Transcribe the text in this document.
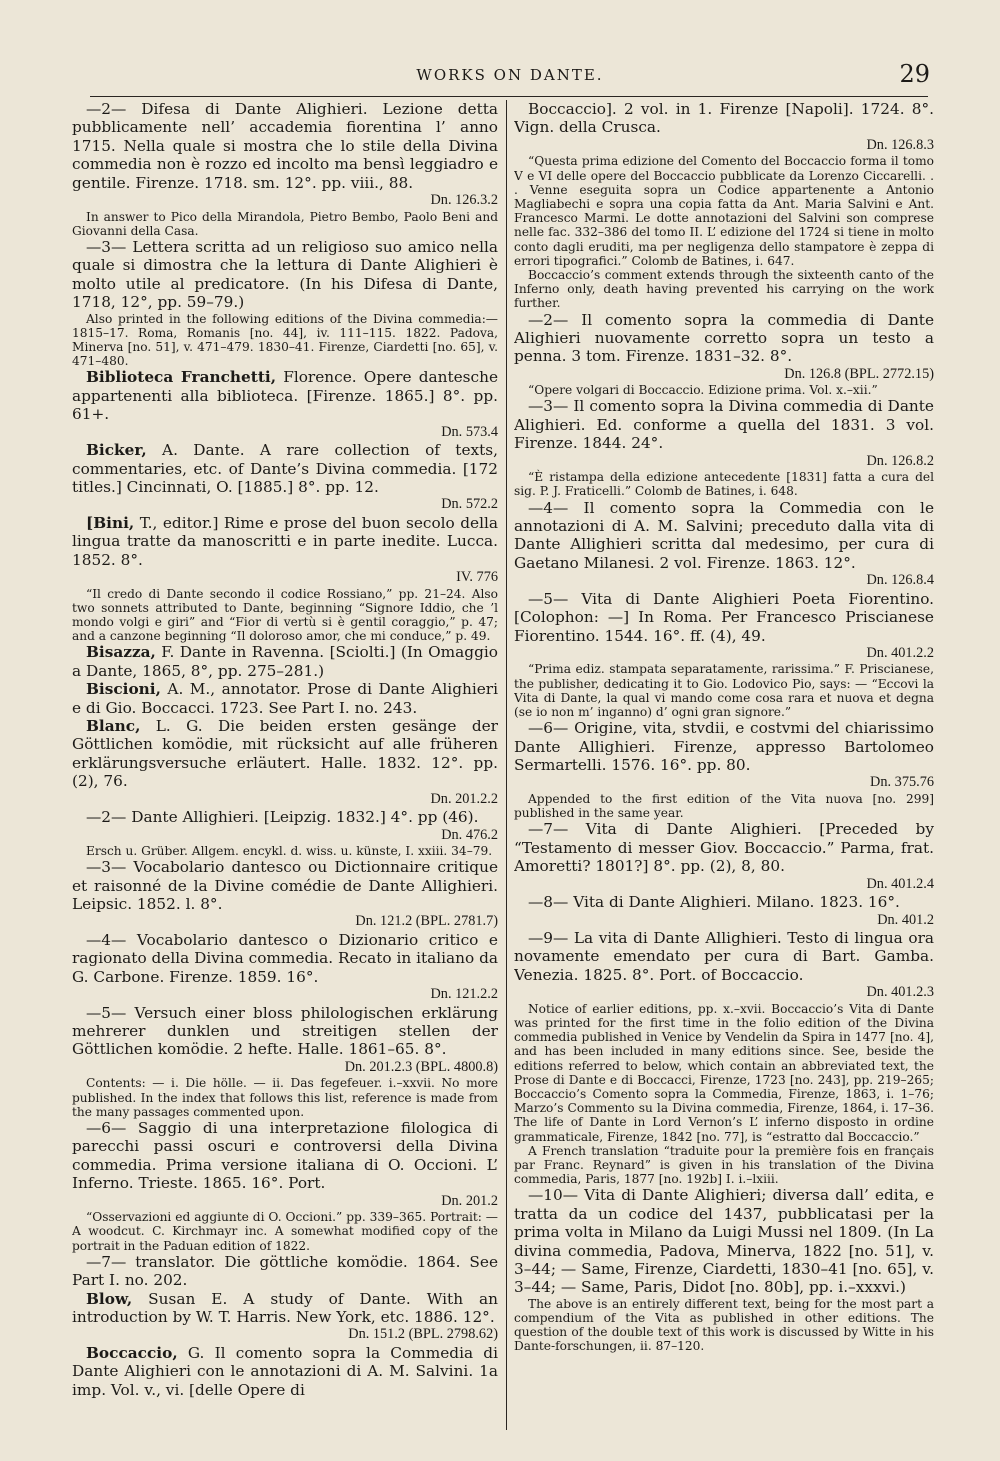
WORKS ON DANTE.	29

—2— Difesa di Dante Alighieri. Lezione detta pubblicamente nell’ accademia fiorentina l’ anno 1715. Nella quale si mostra che lo stile della Divina commedia non è rozzo ed incolto ma bensì leggiadro e gentile. Firenze. 1718. sm. 12°. pp. viii., 88.
Dn. 126.3.2

In answer to Pico della Mirandola, Pietro Bembo, Paolo Beni and Giovanni della Casa.

—3— Lettera scritta ad un religioso suo amico nella quale si dimostra che la lettura di Dante Alighieri è molto utile al predicatore. (In his Difesa di Dante, 1718, 12°, pp. 59–79.)

Also printed in the following editions of the Divina commedia:— 1815–17. Roma, Romanis [no. 44], iv. 111–115. 1822. Padova, Minerva [no. 51], v. 471–479. 1830–41. Firenze, Ciardetti [no. 65], v. 471–480.

Biblioteca Franchetti, Florence. Opere dantesche appartenenti alla biblioteca. [Firenze. 1865.] 8°. pp. 61+.
Dn. 573.4

Bicker, A. Dante. A rare collection of texts, commentaries, etc. of Dante’s Divina commedia. [172 titles.] Cincinnati, O. [1885.] 8°. pp. 12.
Dn. 572.2

[Bini, T., editor.] Rime e prose del buon secolo della lingua tratte da manoscritti e in parte inedite. Lucca. 1852. 8°.
IV. 776

“Il credo di Dante secondo il codice Rossiano,” pp. 21–24. Also two sonnets attributed to Dante, beginning “Signore Iddio, che ’l mondo volgi e giri” and “Fior di vertù si è gentil coraggio,” p. 47; and a canzone beginning “Il doloroso amor, che mi conduce,” p. 49.

Bisazza, F. Dante in Ravenna. [Sciolti.] (In Omaggio a Dante, 1865, 8°, pp. 275–281.)

Biscioni, A. M., annotator. Prose di Dante Alighieri e di Gio. Boccacci. 1723. See Part I. no. 243.

Blanc, L. G. Die beiden ersten gesänge der Göttlichen komödie, mit rücksicht auf alle früheren erklärungsversuche erläutert. Halle. 1832. 12°. pp. (2), 76.
Dn. 201.2.2

—2— Dante Allighieri. [Leipzig. 1832.] 4°. pp (46).
Dn. 476.2

Ersch u. Grüber. Allgem. encykl. d. wiss. u. künste, I. xxiii. 34–79.

—3— Vocabolario dantesco ou Dictionnaire critique et raisonné de la Divine comédie de Dante Allighieri. Leipsic. 1852. l. 8°.
Dn. 121.2 (BPL. 2781.7)

—4— Vocabolario dantesco o Dizionario critico e ragionato della Divina commedia. Recato in italiano da G. Carbone. Firenze. 1859. 16°.
Dn. 121.2.2

—5— Versuch einer bloss philologischen erklärung mehrerer dunklen und streitigen stellen der Göttlichen komödie. 2 hefte. Halle. 1861–65. 8°.
Dn. 201.2.3 (BPL. 4800.8)

Contents: — i. Die hölle. — ii. Das fegefeuer. i.–xxvii. No more published. In the index that follows this list, reference is made from the many passages commented upon.

—6— Saggio di una interpretazione filologica di parecchi passi oscuri e controversi della Divina commedia. Prima versione italiana di O. Occioni. L’ Inferno. Trieste. 1865. 16°. Port.
Dn. 201.2

“Osservazioni ed aggiunte di O. Occioni.” pp. 339–365. Portrait: — A woodcut. C. Kirchmayr inc. A somewhat modified copy of the portrait in the Paduan edition of 1822.

—7— translator. Die göttliche komödie. 1864. See Part I. no. 202.

Blow, Susan E. A study of Dante. With an introduction by W. T. Harris. New York, etc. 1886. 12°.
Dn. 151.2 (BPL. 2798.62)

Boccaccio, G. Il comento sopra la Commedia di Dante Alighieri con le annotazioni di A. M. Salvini. 1a imp. Vol. v., vi. [delle Opere di

Boccaccio]. 2 vol. in 1. Firenze [Napoli]. 1724. 8°. Vign. della Crusca.
Dn. 126.8.3

“Questa prima edizione del Comento del Boccaccio forma il tomo V e VI delle opere del Boccaccio pubblicate da Lorenzo Ciccarelli. . . Venne eseguita sopra un Codice appartenente a Antonio Magliabechi e sopra una copia fatta da Ant. Maria Salvini e Ant. Francesco Marmi. Le dotte annotazioni del Salvini son comprese nelle fac. 332–386 del tomo II. L’ edizione del 1724 si tiene in molto conto dagli eruditi, ma per negligenza dello stampatore è zeppa di errori tipografici.” Colomb de Batines, i. 647.

Boccaccio’s comment extends through the sixteenth canto of the Inferno only, death having prevented his carrying on the work further.

—2— Il comento sopra la commedia di Dante Alighieri nuovamente corretto sopra un testo a penna. 3 tom. Firenze. 1831–32. 8°.
Dn. 126.8 (BPL. 2772.15)

“Opere volgari di Boccaccio. Edizione prima. Vol. x.–xii.”

—3— Il comento sopra la Divina commedia di Dante Alighieri. Ed. conforme a quella del 1831. 3 vol. Firenze. 1844. 24°.
Dn. 126.8.2

“È ristampa della edizione antecedente [1831] fatta a cura del sig. P. J. Fraticelli.” Colomb de Batines, i. 648.

—4— Il comento sopra la Commedia con le annotazioni di A. M. Salvini; preceduto dalla vita di Dante Allighieri scritta dal medesimo, per cura di Gaetano Milanesi. 2 vol. Firenze. 1863. 12°.
Dn. 126.8.4

—5— Vita di Dante Alighieri Poeta Fiorentino. [Colophon: —] In Roma. Per Francesco Priscianese Fiorentino. 1544. 16°. ff. (4), 49.
Dn. 401.2.2

“Prima ediz. stampata separatamente, rarissima.” F. Priscianese, the publisher, dedicating it to Gio. Lodovico Pio, says: — “Eccovi la Vita di Dante, la qual vi mando come cosa rara et nuova et degna (se io non m’ inganno) d’ ogni gran signore.”

—6— Origine, vita, stvdii, e costvmi del chiarissimo Dante Allighieri. Firenze, appresso Bartolomeo Sermartelli. 1576. 16°. pp. 80.
Dn. 375.76

Appended to the first edition of the Vita nuova [no. 299] published in the same year.

—7— Vita di Dante Alighieri. [Preceded by “Testamento di messer Giov. Boccaccio.” Parma, frat. Amoretti? 1801?] 8°. pp. (2), 8, 80.
Dn. 401.2.4

—8— Vita di Dante Alighieri. Milano. 1823. 16°.
Dn. 401.2

—9— La vita di Dante Allighieri. Testo di lingua ora novamente emendato per cura di Bart. Gamba. Venezia. 1825. 8°. Port. of Boccaccio.
Dn. 401.2.3

Notice of earlier editions, pp. x.–xvii. Boccaccio’s Vita di Dante was printed for the first time in the folio edition of the Divina commedia published in Venice by Vendelin da Spira in 1477 [no. 4], and has been included in many editions since. See, beside the editions referred to below, which contain an abbreviated text, the Prose di Dante e di Boccacci, Firenze, 1723 [no. 243], pp. 219–265; Boccaccio’s Comento sopra la Commedia, Firenze, 1863, i. 1–76; Marzo’s Commento su la Divina commedia, Firenze, 1864, i. 17–36. The life of Dante in Lord Vernon’s L’ inferno disposto in ordine grammaticale, Firenze, 1842 [no. 77], is “estratto dal Boccaccio.”

A French translation “traduite pour la première fois en français par Franc. Reynard” is given in his translation of the Divina commedia, Paris, 1877 [no. 192b] I. i.–lxiii.

—10— Vita di Dante Alighieri; diversa dall’ edita, e tratta da un codice del 1437, pubblicatasi per la prima volta in Milano da Luigi Mussi nel 1809. (In La divina commedia, Padova, Minerva, 1822 [no. 51], v. 3–44; — Same, Firenze, Ciardetti, 1830–41 [no. 65], v. 3–44; — Same, Paris, Didot [no. 80b], pp. i.–xxxvi.)

The above is an entirely different text, being for the most part a compendium of the Vita as published in other editions. The question of the double text of this work is discussed by Witte in his Dante-forschungen, ii. 87–120.
